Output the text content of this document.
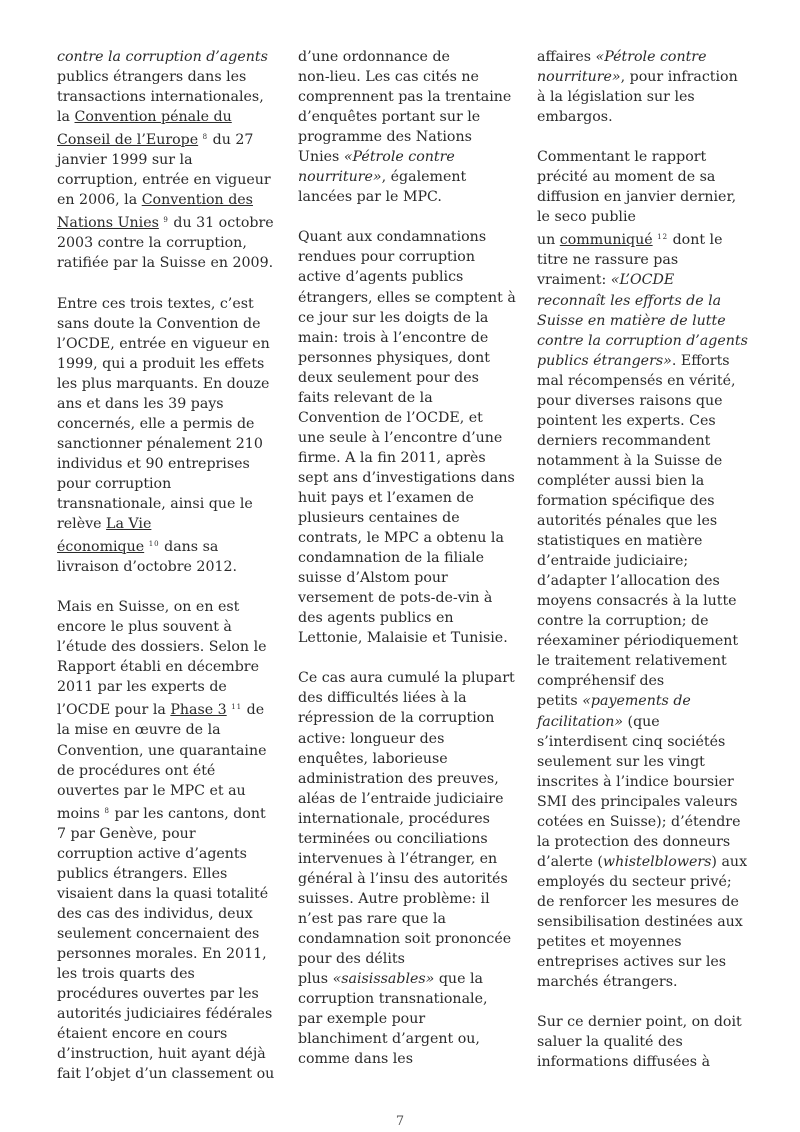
contre la corruption d’agents
publics étrangers dans les
transactions internationales,
la Convention pénale du
Conseil de l’Europe $^8$ du 27
janvier 1999 sur la
corruption, entrée en vigueur
en 2006, la Convention des
Nations Unies $^9$ du 31 octobre
2003 contre la corruption,
ratifiée par la Suisse en 2009.

Entre ces trois textes, c’est
sans doute la Convention de
l’OCDE, entrée en vigueur en
1999, qui a produit les effets
les plus marquants. En douze
ans et dans les 39 pays
concernés, elle a permis de
sanctionner pénalement 210
individus et 90 entreprises
pour corruption
transnationale, ainsi que le
relève La Vie
économique $^{10}$ dans sa
livraison d’octobre 2012.

Mais en Suisse, on en est
encore le plus souvent à
l’étude des dossiers. Selon le
Rapport établi en décembre
2011 par les experts de
l’OCDE pour la Phase 3 $^{11}$ de
la mise en œuvre de la
Convention, une quarantaine
de procédures ont été
ouvertes par le MPC et au
moins $^8$ par les cantons, dont
7 par Genève, pour
corruption active d’agents
publics étrangers. Elles
visaient dans la quasi totalité
des cas des individus, deux
seulement concernaient des
personnes morales. En 2011,
les trois quarts des
procédures ouvertes par les
autorités judiciaires fédérales
étaient encore en cours
d’instruction, huit ayant déjà
fait l’objet d’un classement ou

d’une ordonnance de
non-lieu. Les cas cités ne
comprennent pas la trentaine
d’enquêtes portant sur le
programme des Nations
Unies «Pétrole contre
nourriture», également
lancées par le MPC.

Quant aux condamnations
rendues pour corruption
active d’agents publics
étrangers, elles se comptent à
ce jour sur les doigts de la
main: trois à l’encontre de
personnes physiques, dont
deux seulement pour des
faits relevant de la
Convention de l’OCDE, et
une seule à l’encontre d’une
firme. A la fin 2011, après
sept ans d’investigations dans
huit pays et l’examen de
plusieurs centaines de
contrats, le MPC a obtenu la
condamnation de la filiale
suisse d’Alstom pour
versement de pots-de-vin à
des agents publics en
Lettonie, Malaisie et Tunisie.

Ce cas aura cumulé la plupart
des difficultés liées à la
répression de la corruption
active: longueur des
enquêtes, laborieuse
administration des preuves,
aléas de l’entraide judiciaire
internationale, procédures
terminées ou conciliations
intervenues à l’étranger, en
général à l’insu des autorités
suisses. Autre problème: il
n’est pas rare que la
condamnation soit prononcée
pour des délits
plus «saisissables» que la
corruption transnationale,
par exemple pour
blanchiment d’argent ou,
comme dans les

affaires «Pétrole contre
nourriture», pour infraction
à la législation sur les
embargos.

Commentant le rapport
précité au moment de sa
diffusion en janvier dernier,
le seco publie
un communiqué $^{12}$ dont le
titre ne rassure pas
vraiment: «L’OCDE
reconnaît les efforts de la
Suisse en matière de lutte
contre la corruption d’agents
publics étrangers». Efforts
mal récompensés en vérité,
pour diverses raisons que
pointent les experts. Ces
derniers recommandent
notamment à la Suisse de
compléter aussi bien la
formation spécifique des
autorités pénales que les
statistiques en matière
d’entraide judiciaire;
d’adapter l’allocation des
moyens consacrés à la lutte
contre la corruption; de
réexaminer périodiquement
le traitement relativement
compréhensif des
petits «payements de
facilitation» (que
s’interdisent cinq sociétés
seulement sur les vingt
inscrites à l’indice boursier
SMI des principales valeurs
cotées en Suisse); d’étendre
la protection des donneurs
d’alerte (whistelblowers) aux
employés du secteur privé;
de renforcer les mesures de
sensibilisation destinées aux
petites et moyennes
entreprises actives sur les
marchés étrangers.

Sur ce dernier point, on doit
saluer la qualité des
informations diffusées à

7
